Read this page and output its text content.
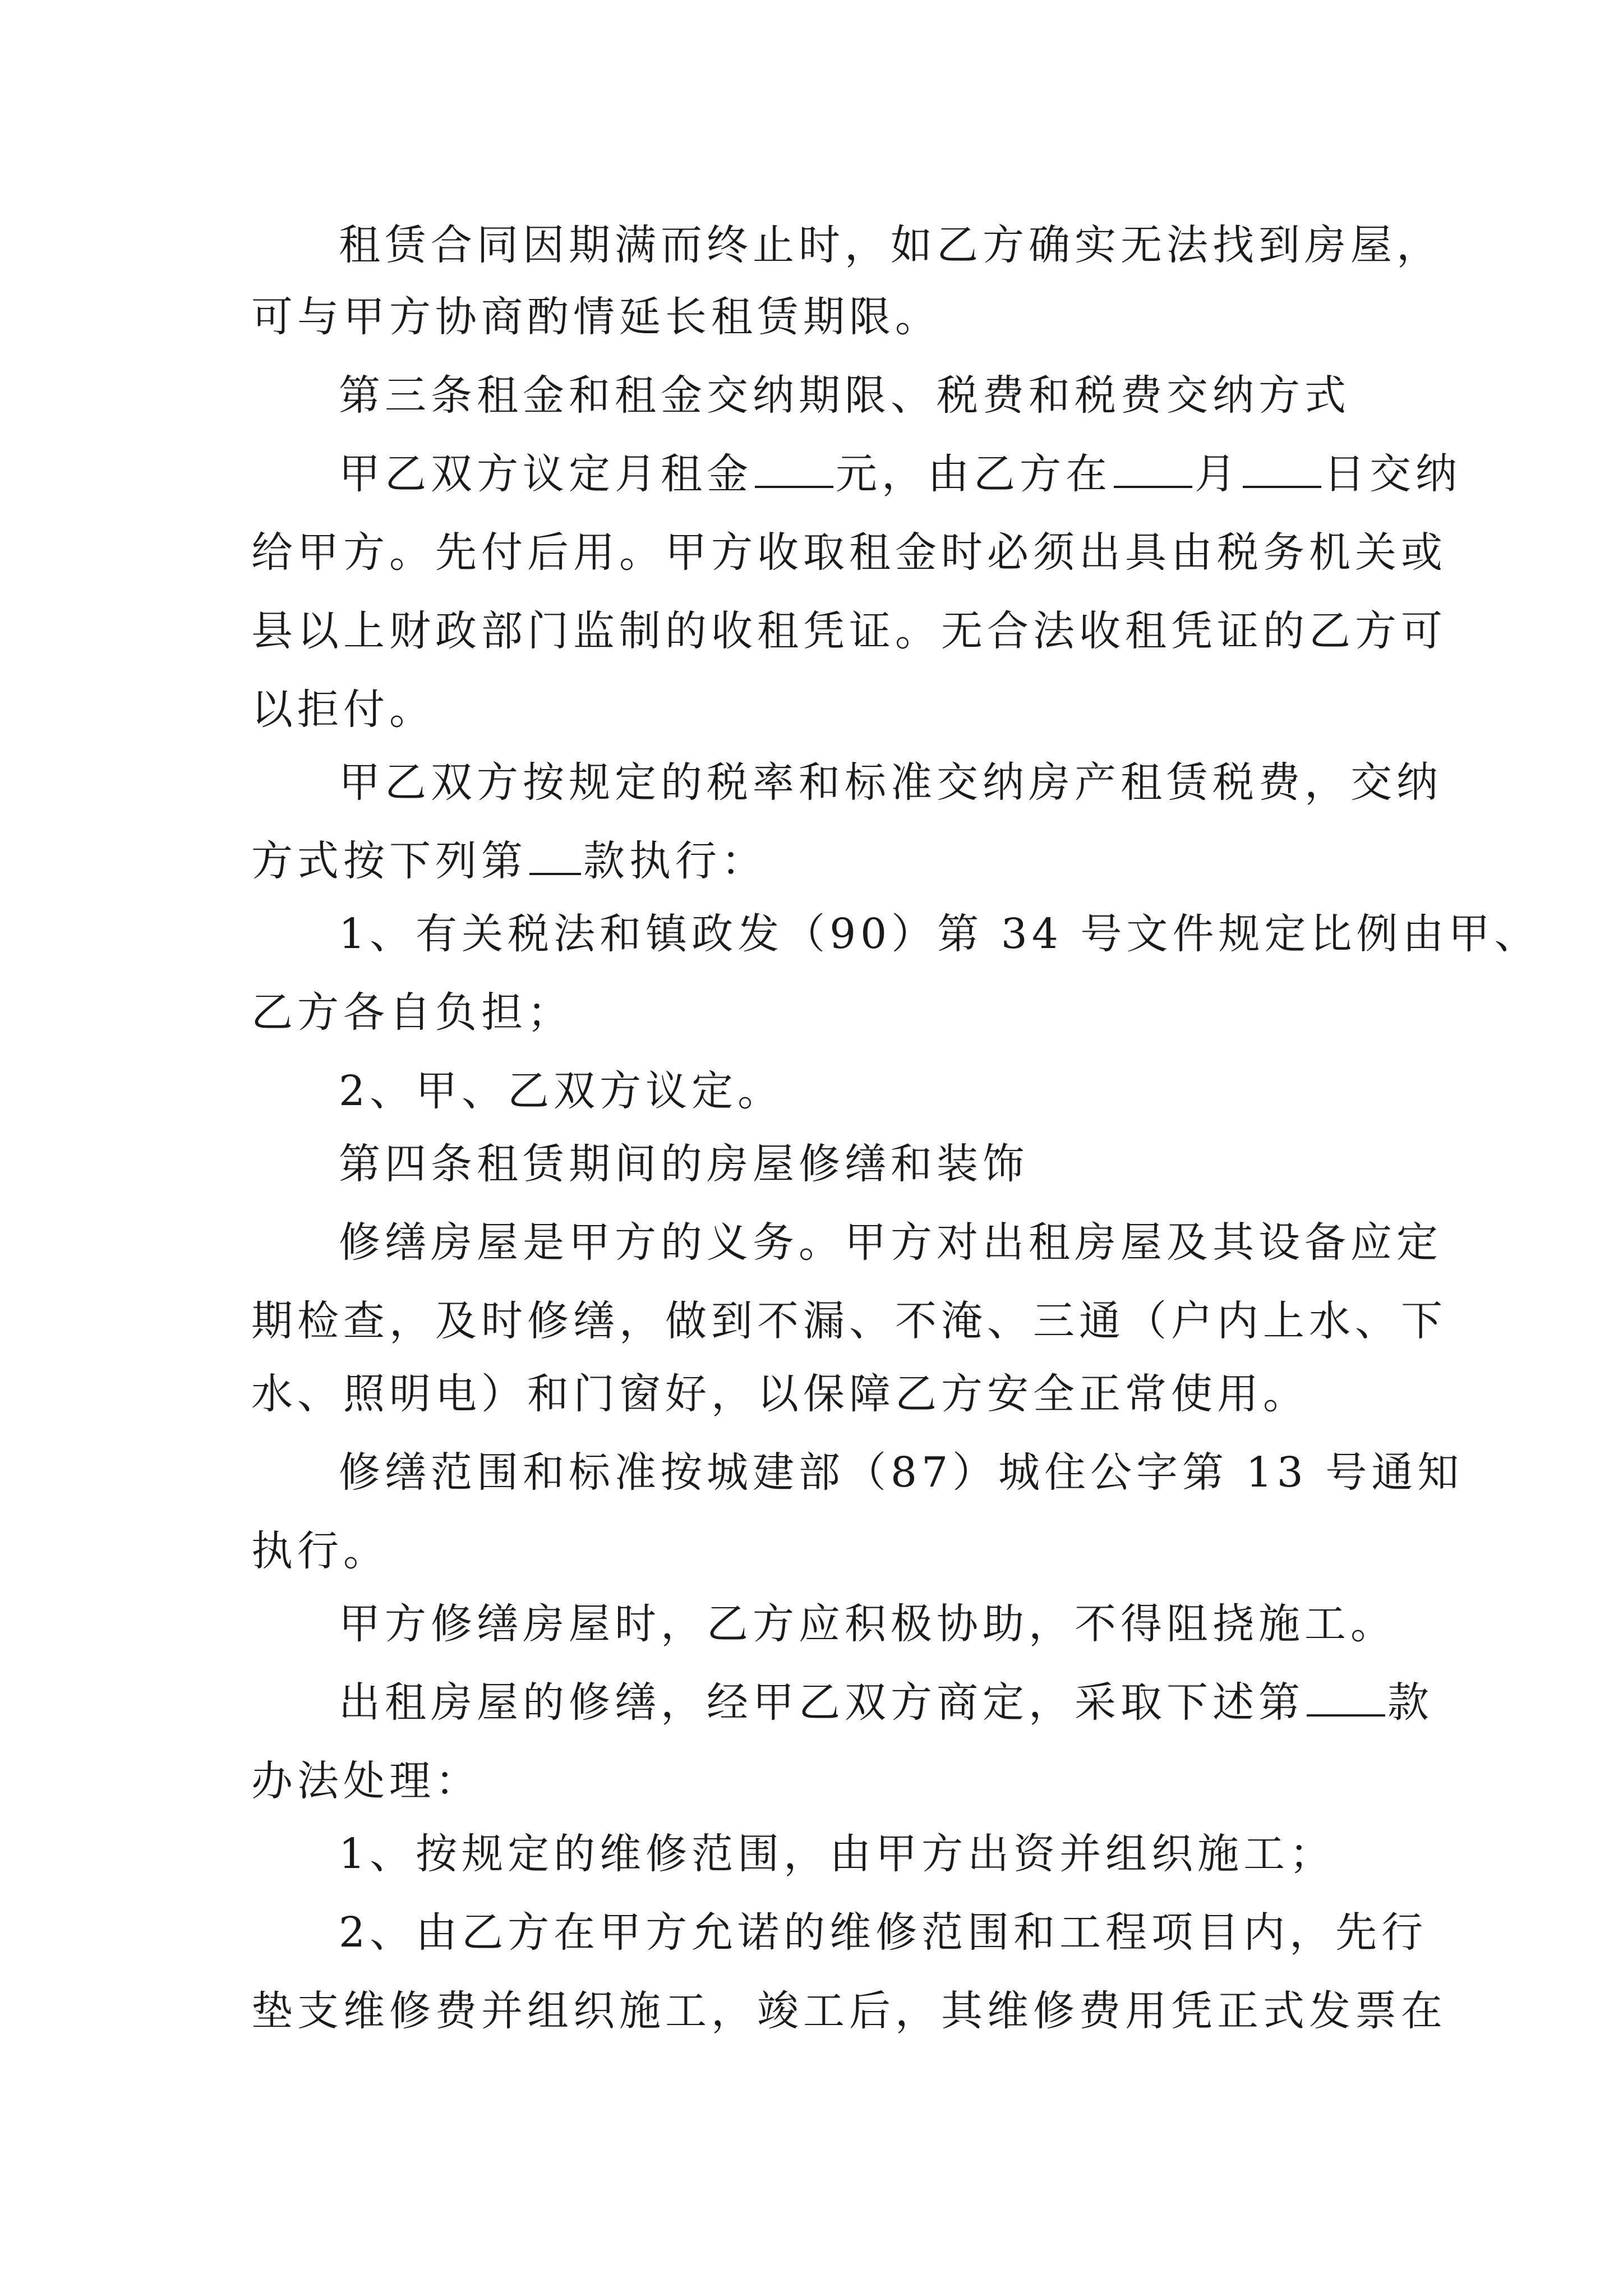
租赁合同因期满而终止时，如乙方确实无法找到房屋，
可与甲方协商酌情延长租赁期限。
第三条租金和租金交纳期限、税费和税费交纳方式
甲乙双方议定月租金 元，由乙方在 月 日交纳
给甲方。先付后用。甲方收取租金时必须出具由税务机关或
县以上财政部门监制的收租凭证。无合法收租凭证的乙方可
以拒付。
甲乙双方按规定的税率和标准交纳房产租赁税费，交纳
方式按下列第 款执行：
1、有关税法和镇政发（90）第 34 号文件规定比例由甲、
乙方各自负担；
2、甲、乙双方议定。
第四条租赁期间的房屋修缮和装饰
修缮房屋是甲方的义务。甲方对出租房屋及其设备应定
期检查，及时修缮，做到不漏、不淹、三通（户内上水、下
水、照明电）和门窗好，以保障乙方安全正常使用。
修缮范围和标准按城建部（87）城住公字第 13 号通知
执行。
甲方修缮房屋时，乙方应积极协助，不得阻挠施工。
出租房屋的修缮，经甲乙双方商定，采取下述第 款
办法处理：
1、按规定的维修范围，由甲方出资并组织施工；
2、由乙方在甲方允诺的维修范围和工程项目内，先行
垫支维修费并组织施工，竣工后，其维修费用凭正式发票在
